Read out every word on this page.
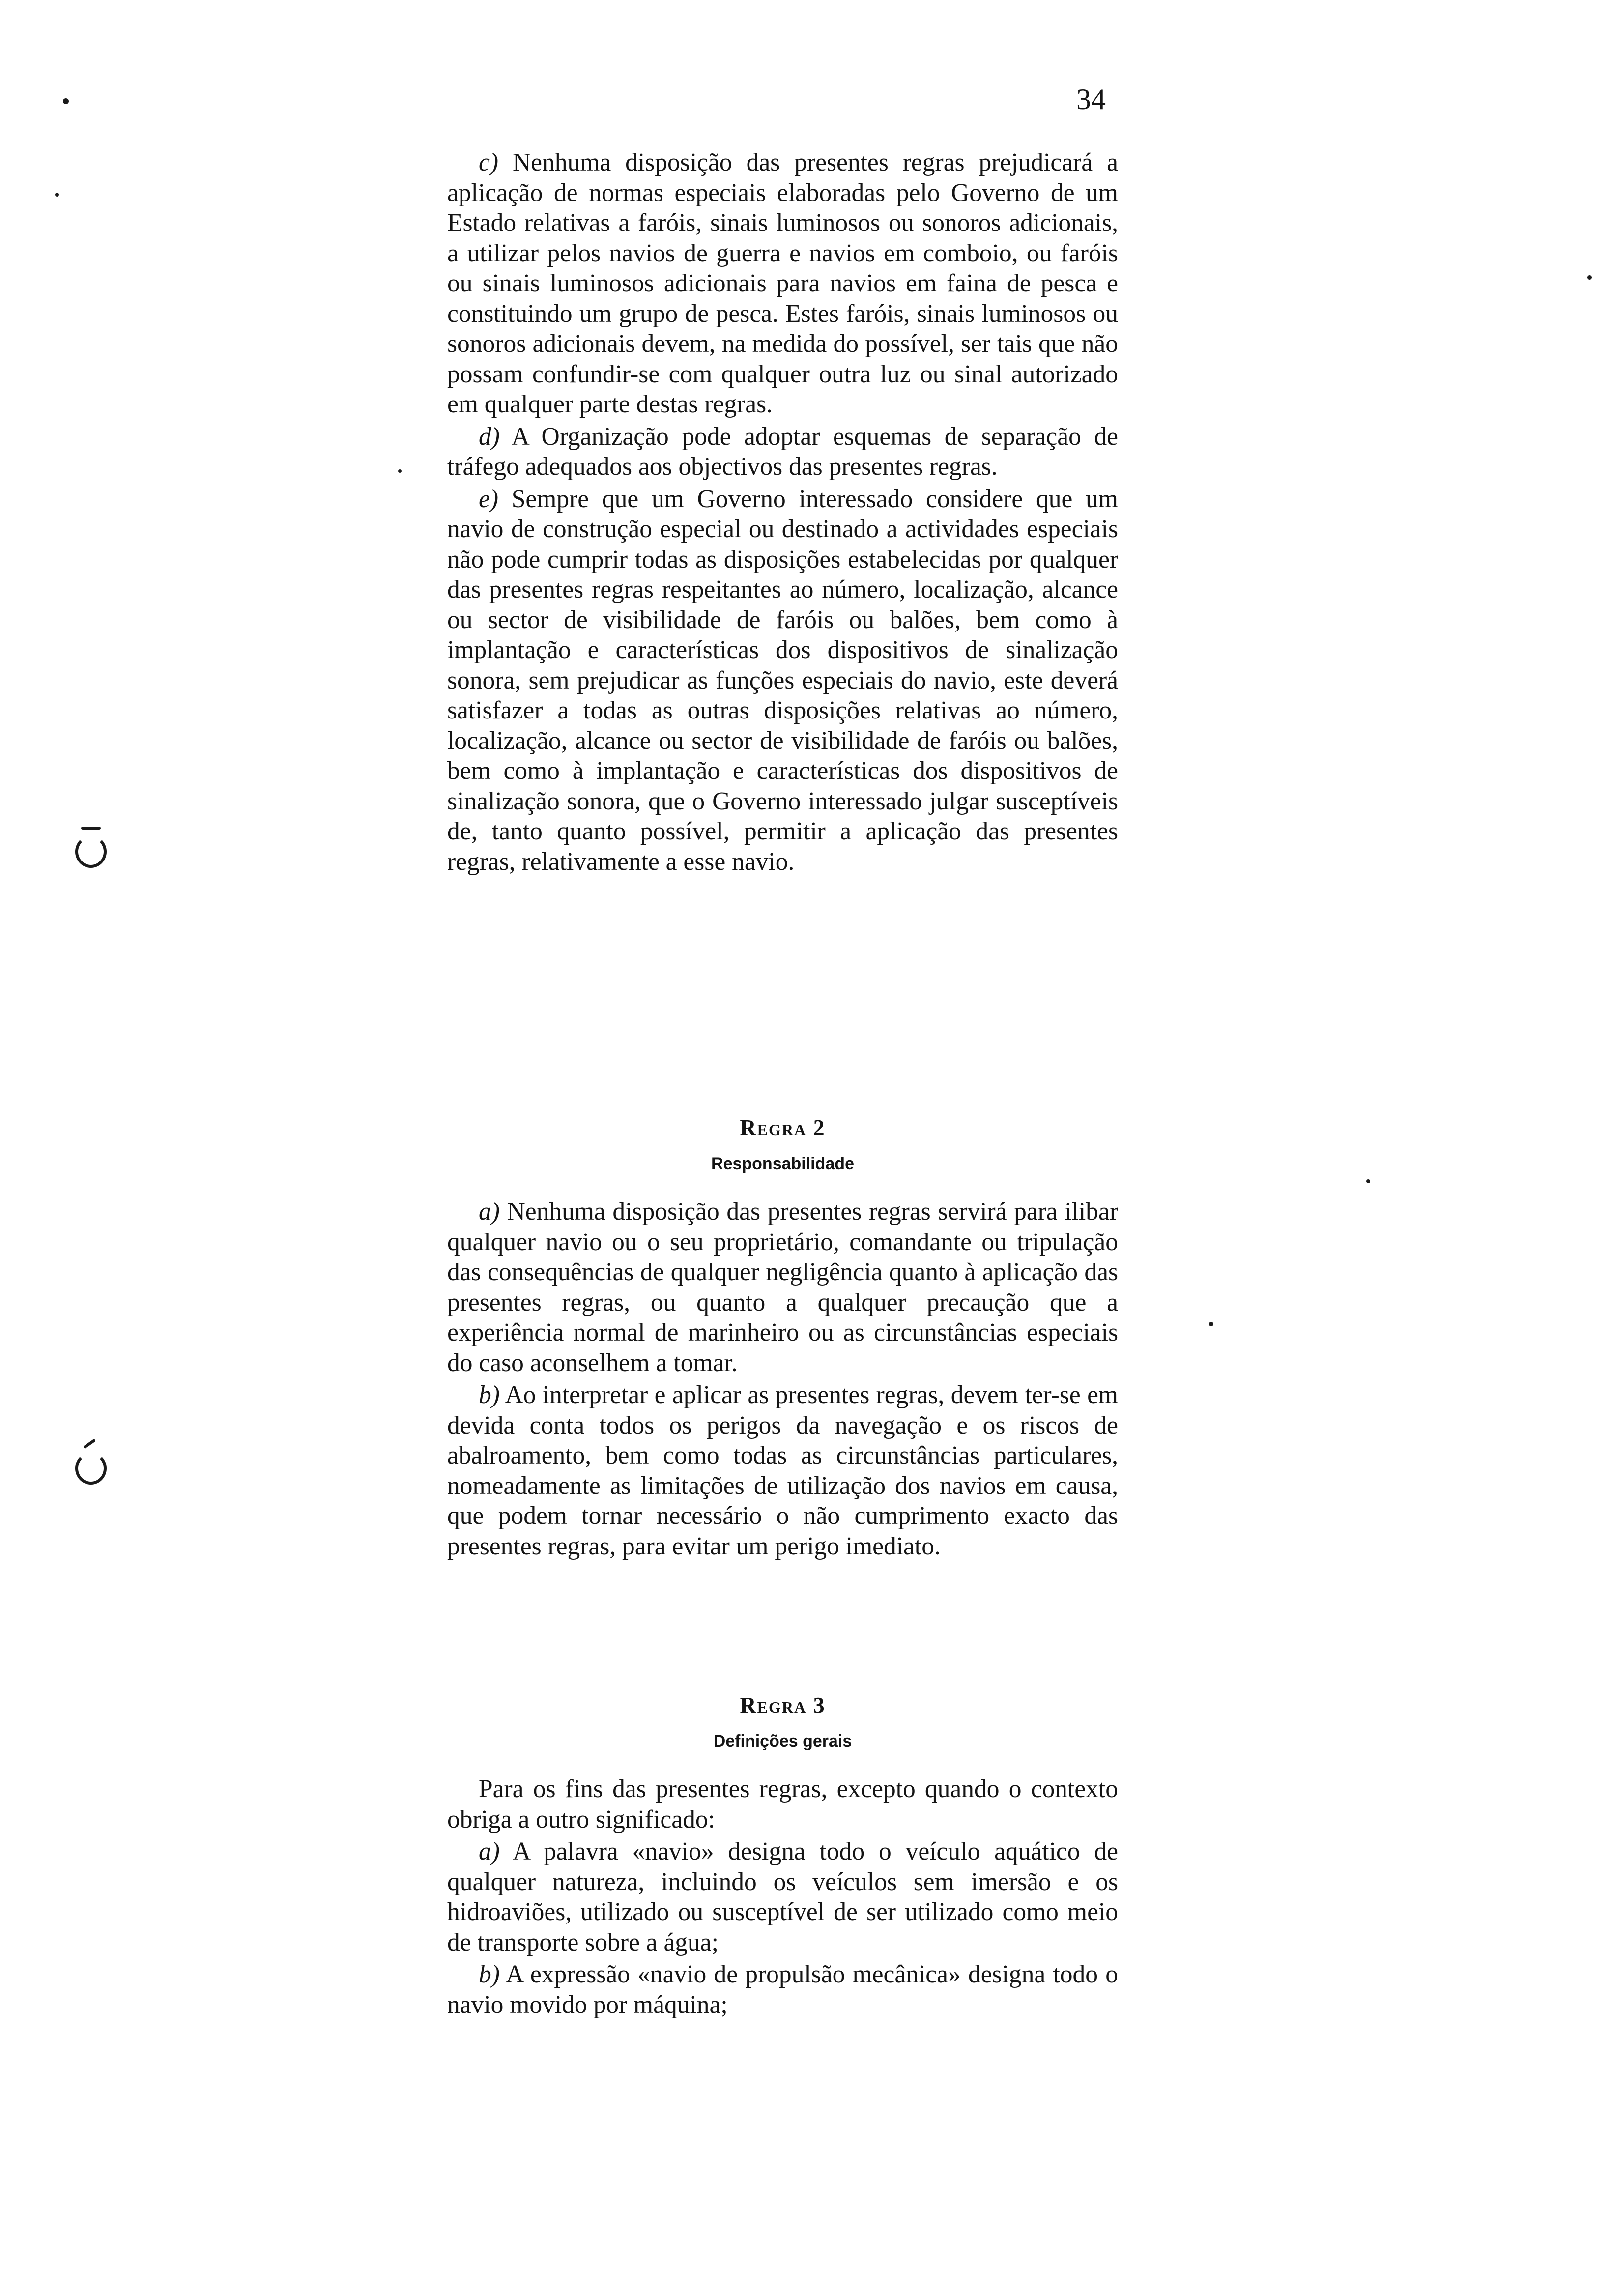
34

c) Nenhuma disposição das presentes regras prejudicará a aplicação de normas especiais elaboradas pelo Governo de um Estado relativas a faróis, sinais luminosos ou sonoros adicionais, a utilizar pelos navios de guerra e navios em comboio, ou faróis ou sinais luminosos adicionais para navios em faina de pesca e constituindo um grupo de pesca. Estes faróis, sinais luminosos ou sonoros adicionais devem, na medida do possível, ser tais que não possam confundir-se com qualquer outra luz ou sinal autorizado em qualquer parte destas regras.

d) A Organização pode adoptar esquemas de separação de tráfego adequados aos objectivos das presentes regras.

e) Sempre que um Governo interessado considere que um navio de construção especial ou destinado a actividades especiais não pode cumprir todas as disposições estabelecidas por qualquer das presentes regras respeitantes ao número, localização, alcance ou sector de visibilidade de faróis ou balões, bem como à implantação e características dos dispositivos de sinalização sonora, sem prejudicar as funções especiais do navio, este deverá satisfazer a todas as outras disposições relativas ao número, localização, alcance ou sector de visibilidade de faróis ou balões, bem como à implantação e características dos dispositivos de sinalização sonora, que o Governo interessado julgar susceptíveis de, tanto quanto possível, permitir a aplicação das presentes regras, relativamente a esse navio.

Regra 2
Responsabilidade

a) Nenhuma disposição das presentes regras servirá para ilibar qualquer navio ou o seu proprietário, comandante ou tripulação das consequências de qualquer negligência quanto à aplicação das presentes regras, ou quanto a qualquer precaução que a experiência normal de marinheiro ou as circunstâncias especiais do caso aconselhem a tomar.

b) Ao interpretar e aplicar as presentes regras, devem ter-se em devida conta todos os perigos da navegação e os riscos de abalroamento, bem como todas as circunstâncias particulares, nomeadamente as limitações de utilização dos navios em causa, que podem tornar necessário o não cumprimento exacto das presentes regras, para evitar um perigo imediato.

Regra 3
Definições gerais

Para os fins das presentes regras, excepto quando o contexto obriga a outro significado:

a) A palavra «navio» designa todo o veículo aquático de qualquer natureza, incluindo os veículos sem imersão e os hidroaviões, utilizado ou susceptível de ser utilizado como meio de transporte sobre a água;

b) A expressão «navio de propulsão mecânica» designa todo o navio movido por máquina;
